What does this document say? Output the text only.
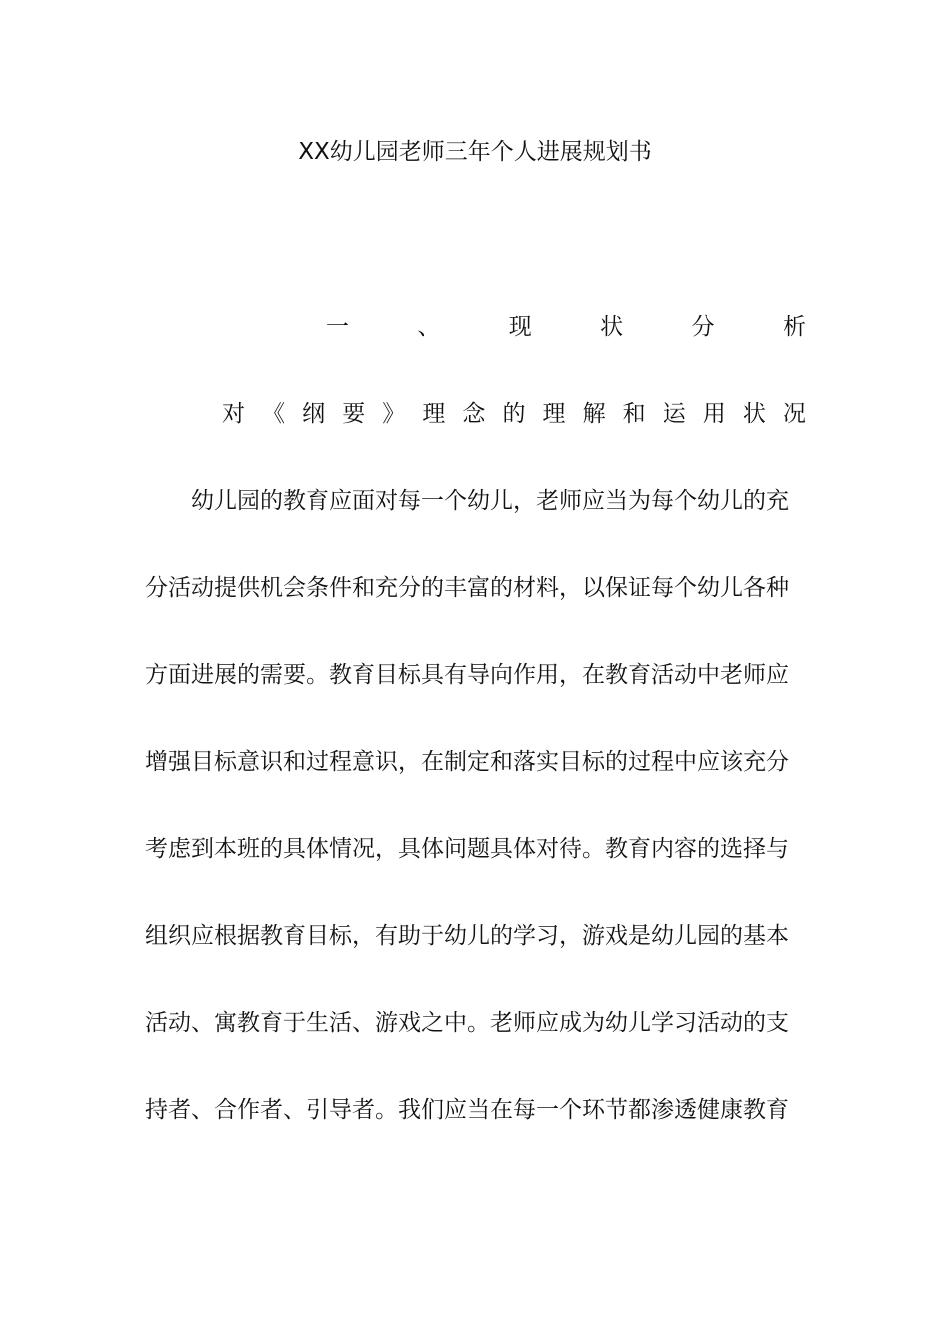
XX幼儿园老师三年个人进展规划书
一	、	现	状	分	析
对 《 纲 要 》 理 念 的 理 解 和 运 用 状 况
幼儿园的教育应面对每一个幼儿，老师应当为每个幼儿的充
分活动提供机会条件和充分的丰富的材料，以保证每个幼儿各种
方面进展的需要。教育目标具有导向作用，在教育活动中老师应
增强目标意识和过程意识，在制定和落实目标的过程中应该充分
考虑到本班的具体情况，具体问题具体对待。教育内容的选择与
组织应根据教育目标，有助于幼儿的学习，游戏是幼儿园的基本
活动、寓教育于生活、游戏之中。老师应成为幼儿学习活动的支
持者、合作者、引导者。我们应当在每一个环节都渗透健康教育
